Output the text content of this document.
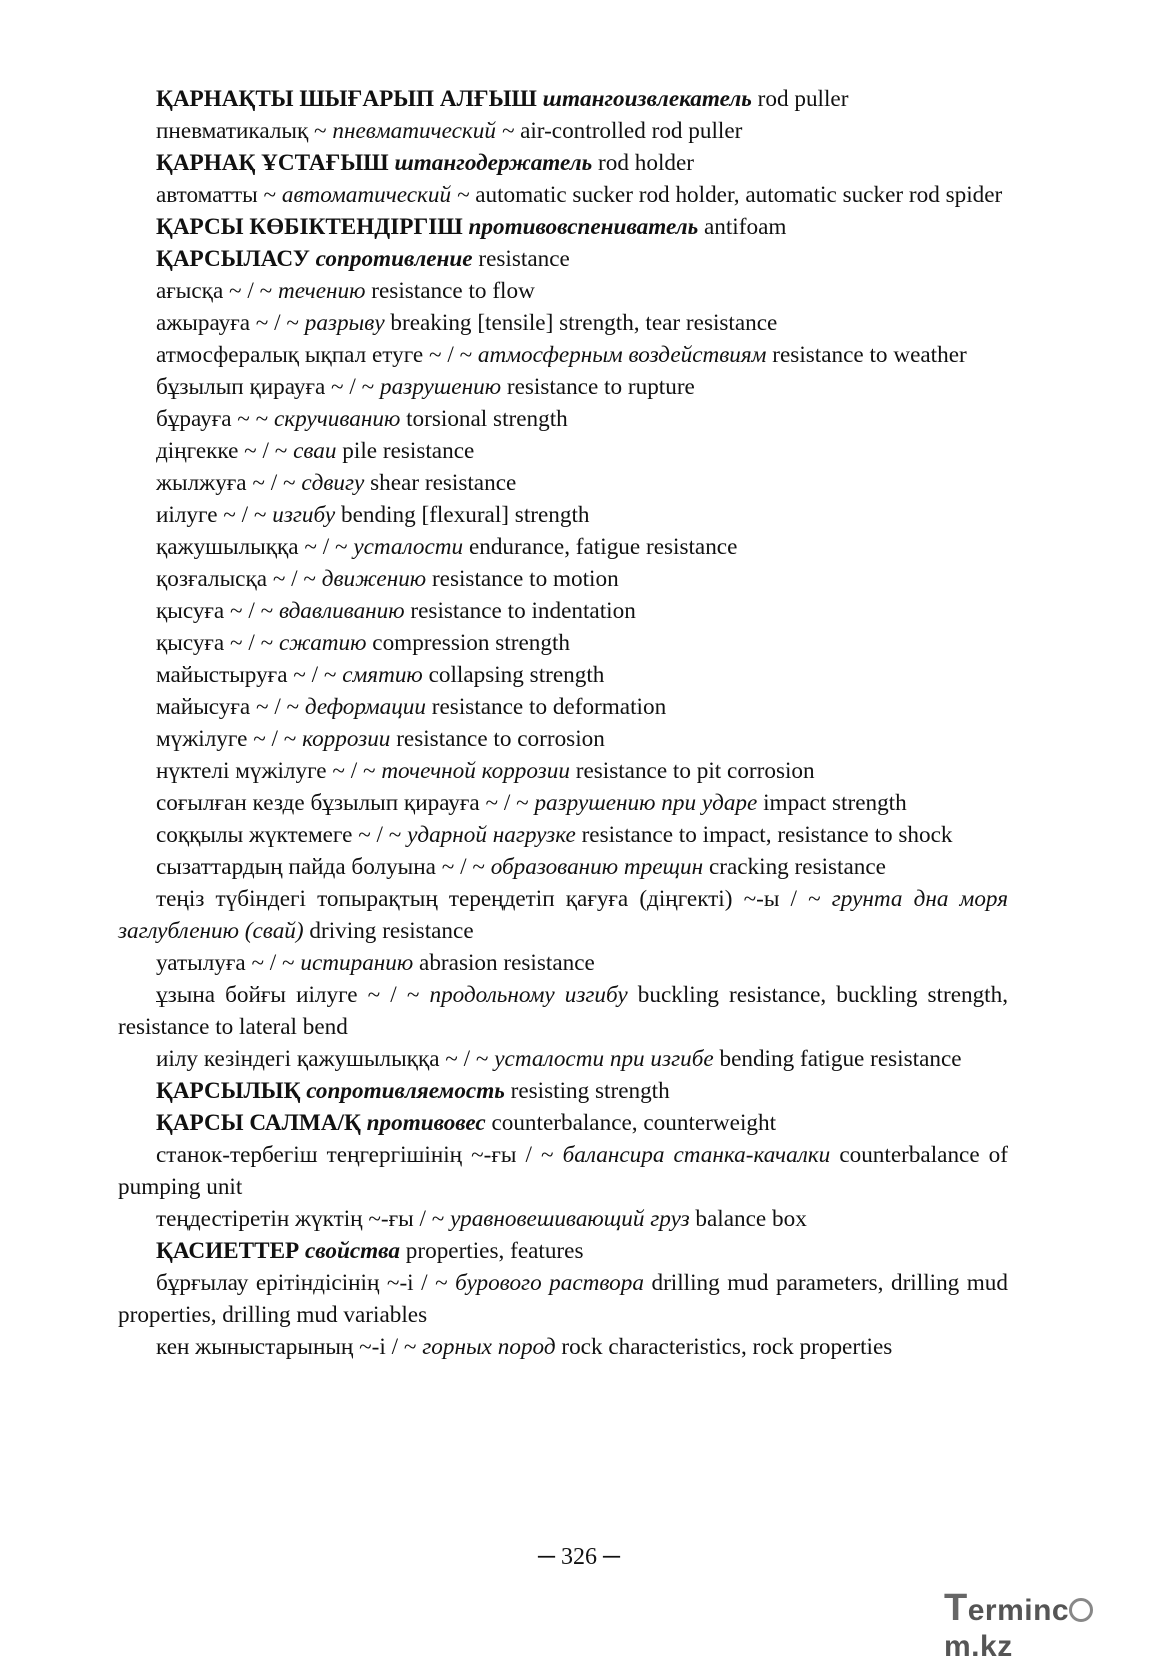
ҚАРНАҚТЫ ШЫҒАРЫП АЛҒЫШ штангоизвлекатель rod puller

пневматикалық ~ пневматический ~ air-controlled rod puller

ҚАРНАҚ ҰСТАҒЫШ штангодержатель rod holder

автоматты ~ автоматический ~ automatic sucker rod holder, automatic sucker rod spider

ҚАРСЫ КӨБІКТЕНДІРГІШ противовспениватель antifoam

ҚАРСЫЛАСУ сопротивление resistance

ағысқа ~ / ~ течению resistance to flow

ажырауға ~ / ~ разрыву breaking [tensile] strength, tear resistance

атмосфералық ықпал етуге ~ / ~ атмосферным воздействиям resistance to weather

бұзылып қирауға ~ / ~ разрушению resistance to rupture

бұрауға ~ ~ скручиванию torsional strength

діңгекке ~ / ~ сваи pile resistance

жылжуға ~ / ~ сдвигу shear resistance

иілуге ~ / ~ изгибу bending [flexural] strength

қажушылыққа ~ / ~ усталости endurance, fatigue resistance

қозғалысқа ~ / ~ движению resistance to motion

қысуға ~ / ~ вдавливанию resistance to indentation

қысуға ~ / ~ сжатию compression strength

майыстыруға ~ / ~ смятию collapsing strength

майысуға ~ / ~ деформации resistance to deformation

мүжілуге ~ / ~ коррозии resistance to corrosion

нүктелі мүжілуге ~ / ~ точечной коррозии resistance to pit corrosion

соғылған кезде бұзылып қирауға ~ / ~ разрушению при ударе impact strength

соққылы жүктемеге ~ / ~ ударной нагрузке resistance to impact, resistance to shock

сызаттардың пайда болуына ~ / ~ образованию трещин cracking resistance

теңіз түбіндегі топырақтың тереңдетіп қағуға (діңгекті) ~-ы / ~ грунта дна моря заглублению (свай) driving resistance

уатылуға ~ / ~ истиранию abrasion resistance

ұзына бойғы иілуге ~ / ~ продольному изгибу buckling resistance, buckling strength, resistance to lateral bend

иілу кезіндегі қажушылыққа ~ / ~ усталости при изгибе bending fatigue resistance

ҚАРСЫЛЫҚ сопротивляемость resisting strength

ҚАРСЫ САЛМА/Қ противовес counterbalance, counterweight

станок-тербегіш теңгергішінің ~-ғы / ~ балансира станка-качалки counterbalance of pumping unit

теңдестіретін жүктің ~-ғы / ~ уравновешивающий груз balance box

ҚАСИЕТТЕР свойства properties, features

бұрғылау ерітіндісінің ~-і / ~ бурового раствора drilling mud parameters, drilling mud properties, drilling mud variables

кен жыныстарының ~-і / ~ горных пород rock characteristics, rock properties

─ 326 ─
Termincm.kz
